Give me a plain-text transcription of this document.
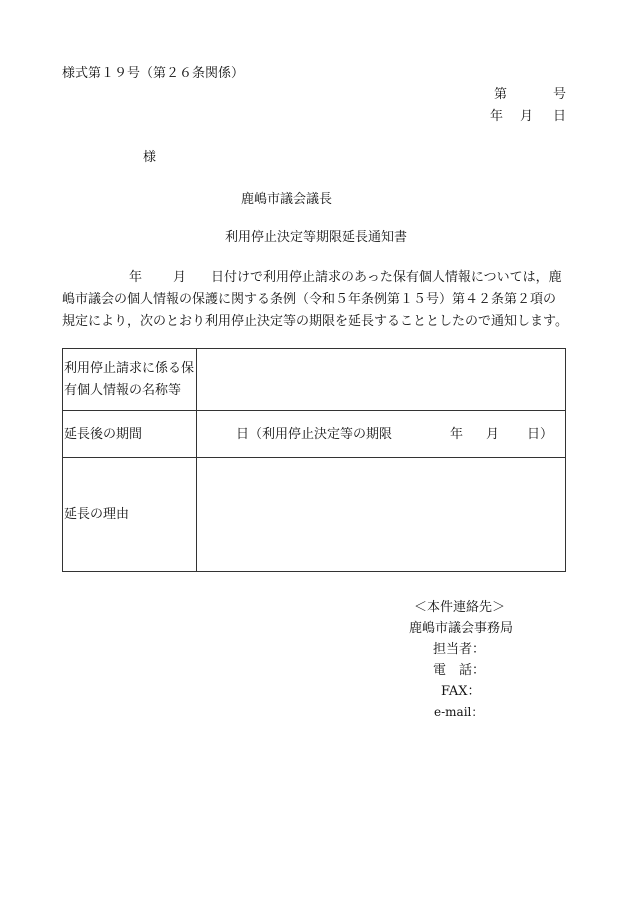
様式第１９号（第２６条関係）
第	号
年 月 日
様
鹿嶋市議会議長
利用停止決定等期限延長通知書
年 月 日付けで利用停止請求のあった保有個人情報については，鹿
嶋市議会の個人情報の保護に関する条例（令和５年条例第１５号）第４２条第２項の
規定により，次のとおり利用停止決定等の期限を延長することとしたので通知します。
利用停止請求に係る保
有個人情報の名称等
延長後の期間	日（利用停止決定等の期限	年 月 日）
延長の理由
＜本件連絡先＞
鹿嶋市議会事務局
担当者：
電　話：
FAX：
e-mail：
